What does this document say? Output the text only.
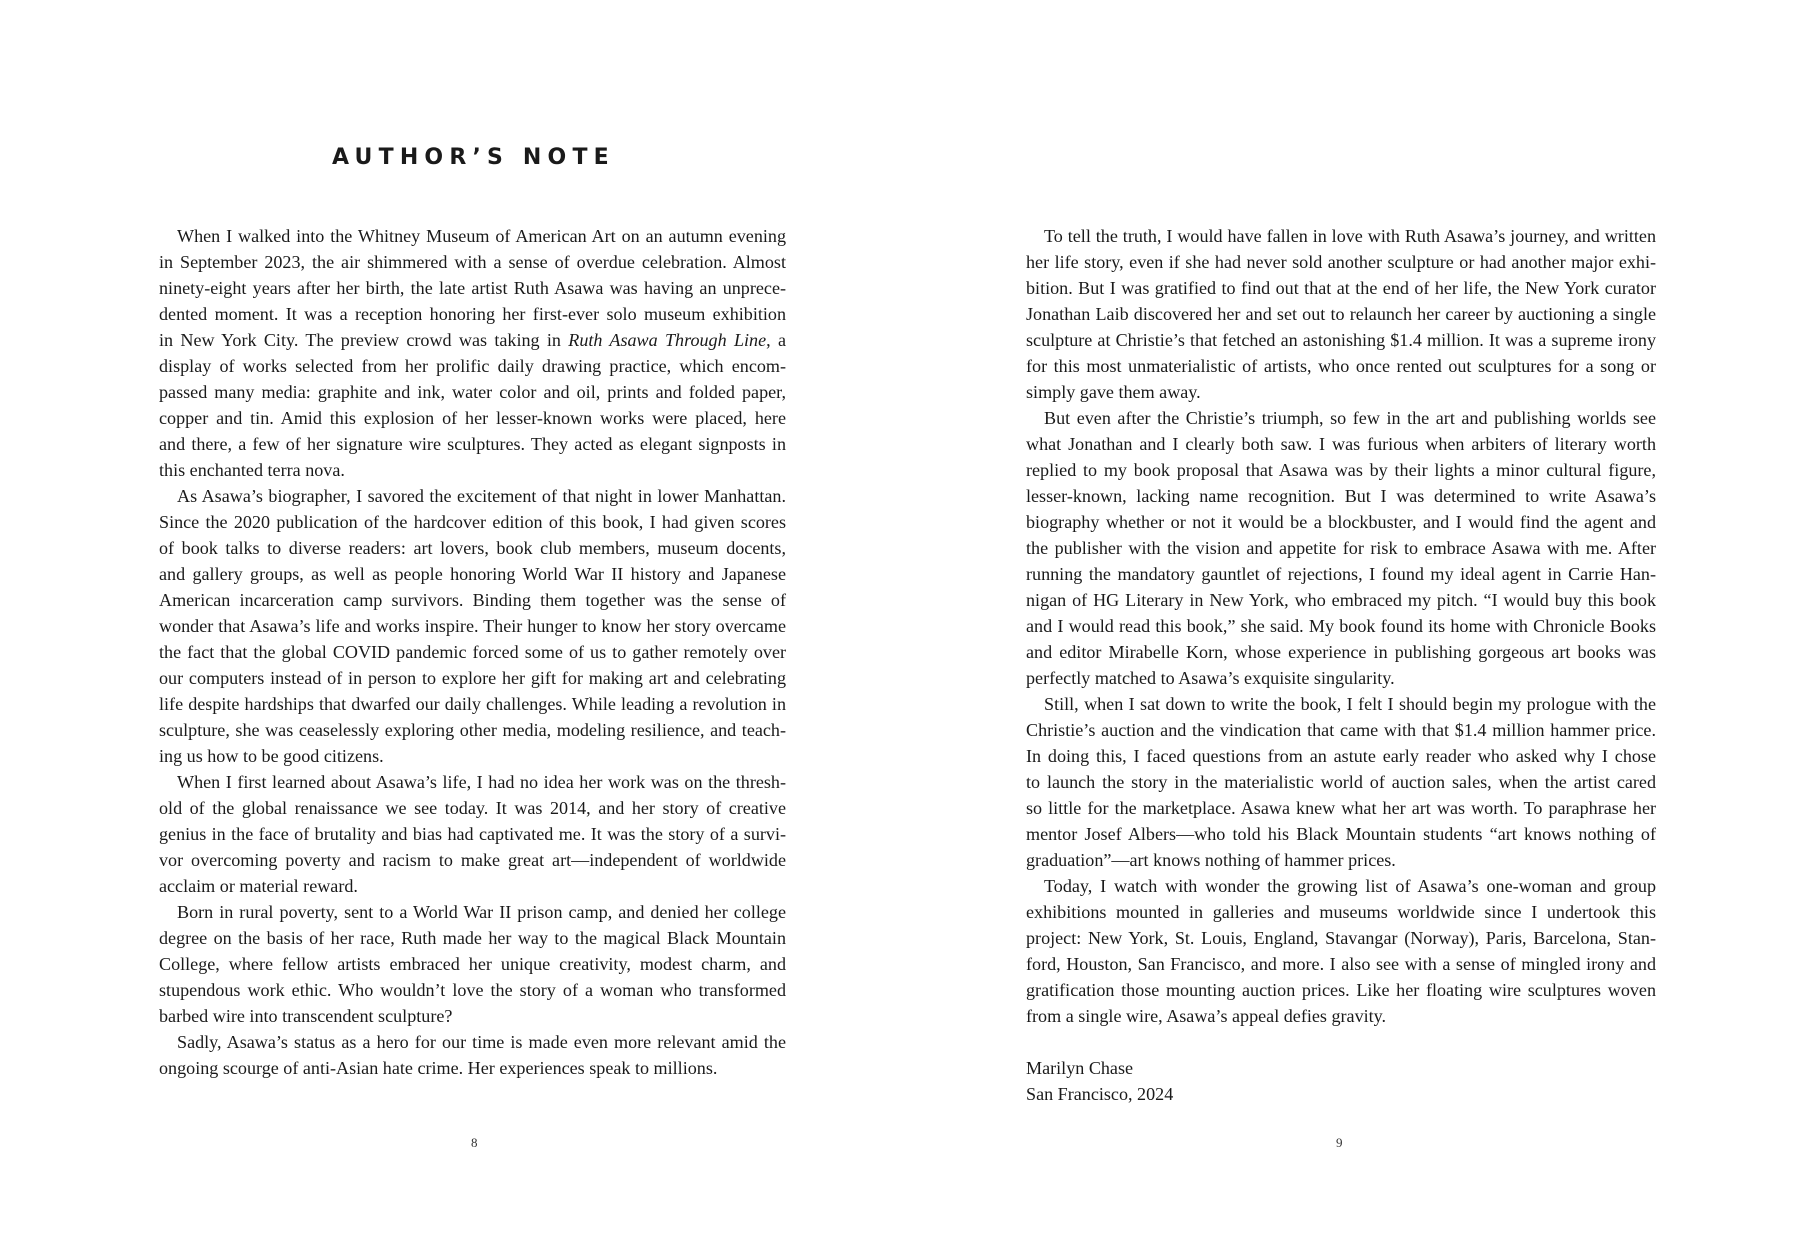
AUTHOR’S NOTE
When I walked into the Whitney Museum of American Art on an autumn evening
in September 2023, the air shimmered with a sense of overdue celebration. Almost
ninety-eight years after her birth, the late artist Ruth Asawa was having an unprece-
dented moment. It was a reception honoring her first-ever solo museum exhibition
in New York City. The preview crowd was taking in Ruth Asawa Through Line, a
display of works selected from her prolific daily drawing practice, which encom-
passed many media: graphite and ink, water color and oil, prints and folded paper,
copper and tin. Amid this explosion of her lesser-known works were placed, here
and there, a few of her signature wire sculptures. They acted as elegant signposts in
this enchanted terra nova.
As Asawa’s biographer, I savored the excitement of that night in lower Manhattan.
Since the 2020 publication of the hardcover edition of this book, I had given scores
of book talks to diverse readers: art lovers, book club members, museum docents,
and gallery groups, as well as people honoring World War II history and Japanese
American incarceration camp survivors. Binding them together was the sense of
wonder that Asawa’s life and works inspire. Their hunger to know her story overcame
the fact that the global COVID pandemic forced some of us to gather remotely over
our computers instead of in person to explore her gift for making art and celebrating
life despite hardships that dwarfed our daily challenges. While leading a revolution in
sculpture, she was ceaselessly exploring other media, modeling resilience, and teach-
ing us how to be good citizens.
When I first learned about Asawa’s life, I had no idea her work was on the thresh-
old of the global renaissance we see today. It was 2014, and her story of creative
genius in the face of brutality and bias had captivated me. It was the story of a survi-
vor overcoming poverty and racism to make great art—independent of worldwide
acclaim or material reward.
Born in rural poverty, sent to a World War II prison camp, and denied her college
degree on the basis of her race, Ruth made her way to the magical Black Mountain
College, where fellow artists embraced her unique creativity, modest charm, and
stupendous work ethic. Who wouldn’t love the story of a woman who transformed
barbed wire into transcendent sculpture?
Sadly, Asawa’s status as a hero for our time is made even more relevant amid the
ongoing scourge of anti-Asian hate crime. Her experiences speak to millions.
8
To tell the truth, I would have fallen in love with Ruth Asawa’s journey, and written
her life story, even if she had never sold another sculpture or had another major exhi-
bition. But I was gratified to find out that at the end of her life, the New York curator
Jonathan Laib discovered her and set out to relaunch her career by auctioning a single
sculpture at Christie’s that fetched an astonishing $1.4 million. It was a supreme irony
for this most unmaterialistic of artists, who once rented out sculptures for a song or
simply gave them away.
But even after the Christie’s triumph, so few in the art and publishing worlds see
what Jonathan and I clearly both saw. I was furious when arbiters of literary worth
replied to my book proposal that Asawa was by their lights a minor cultural figure,
lesser-known, lacking name recognition. But I was determined to write Asawa’s
biography whether or not it would be a blockbuster, and I would find the agent and
the publisher with the vision and appetite for risk to embrace Asawa with me. After
running the mandatory gauntlet of rejections, I found my ideal agent in Carrie Han-
nigan of HG Literary in New York, who embraced my pitch. “I would buy this book
and I would read this book,” she said. My book found its home with Chronicle Books
and editor Mirabelle Korn, whose experience in publishing gorgeous art books was
perfectly matched to Asawa’s exquisite singularity.
Still, when I sat down to write the book, I felt I should begin my prologue with the
Christie’s auction and the vindication that came with that $1.4 million hammer price.
In doing this, I faced questions from an astute early reader who asked why I chose
to launch the story in the materialistic world of auction sales, when the artist cared
so little for the marketplace. Asawa knew what her art was worth. To paraphrase her
mentor Josef Albers—who told his Black Mountain students “art knows nothing of
graduation”—art knows nothing of hammer prices.
Today, I watch with wonder the growing list of Asawa’s one-woman and group
exhibitions mounted in galleries and museums worldwide since I undertook this
project: New York, St. Louis, England, Stavangar (Norway), Paris, Barcelona, Stan-
ford, Houston, San Francisco, and more. I also see with a sense of mingled irony and
gratification those mounting auction prices. Like her floating wire sculptures woven
from a single wire, Asawa’s appeal defies gravity.
Marilyn Chase
San Francisco, 2024
9
